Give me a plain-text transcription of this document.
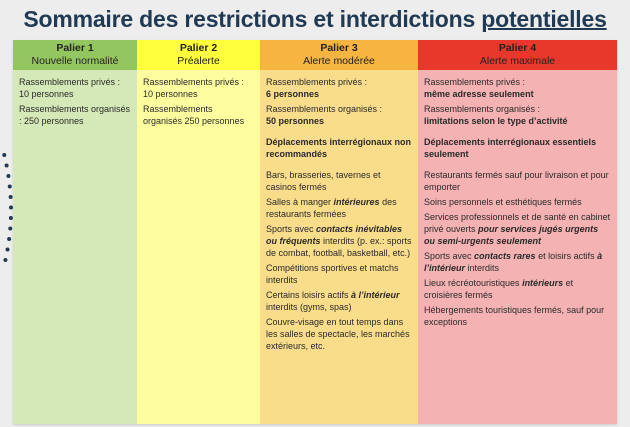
Sommaire des restrictions et interdictions potentielles
Palier 1
Nouvelle normalité
Rassemblements privés : 10 personnes
Rassemblements organisés : 250 personnes
Palier 2
Préalerte
Rassemblements privés : 10 personnes
Rassemblements organisés 250 personnes
Palier 3
Alerte modérée
Rassemblements privés :
6 personnes
Rassemblements organisés :
50 personnes
Déplacements interrégionaux non recommandés
Bars, brasseries, tavernes et casinos fermés
Salles à manger intérieures des restaurants fermées
Sports avec contacts inévitables ou fréquents interdits (p. ex.: sports de combat, football, basketball, etc.)
Compétitions sportives et matchs interdits
Certains loisirs actifs à l’intérieur interdits (gyms, spas)
Couvre-visage en tout temps dans les salles de spectacle, les marchés extérieurs, etc.
Palier 4
Alerte maximale
Rassemblements privés :
même adresse seulement
Rassemblements organisés :
limitations selon le type d’activité
Déplacements interrégionaux essentiels seulement
Restaurants fermés sauf pour livraison et pour emporter
Soins personnels et esthétiques fermés
Services professionnels et de santé en cabinet privé ouverts pour services jugés urgents ou semi-urgents seulement
Sports avec contacts rares et loisirs actifs à l’intérieur interdits
Lieux récréotouristiques intérieurs et croisières fermés
Hébergements touristiques fermés, sauf pour exceptions
